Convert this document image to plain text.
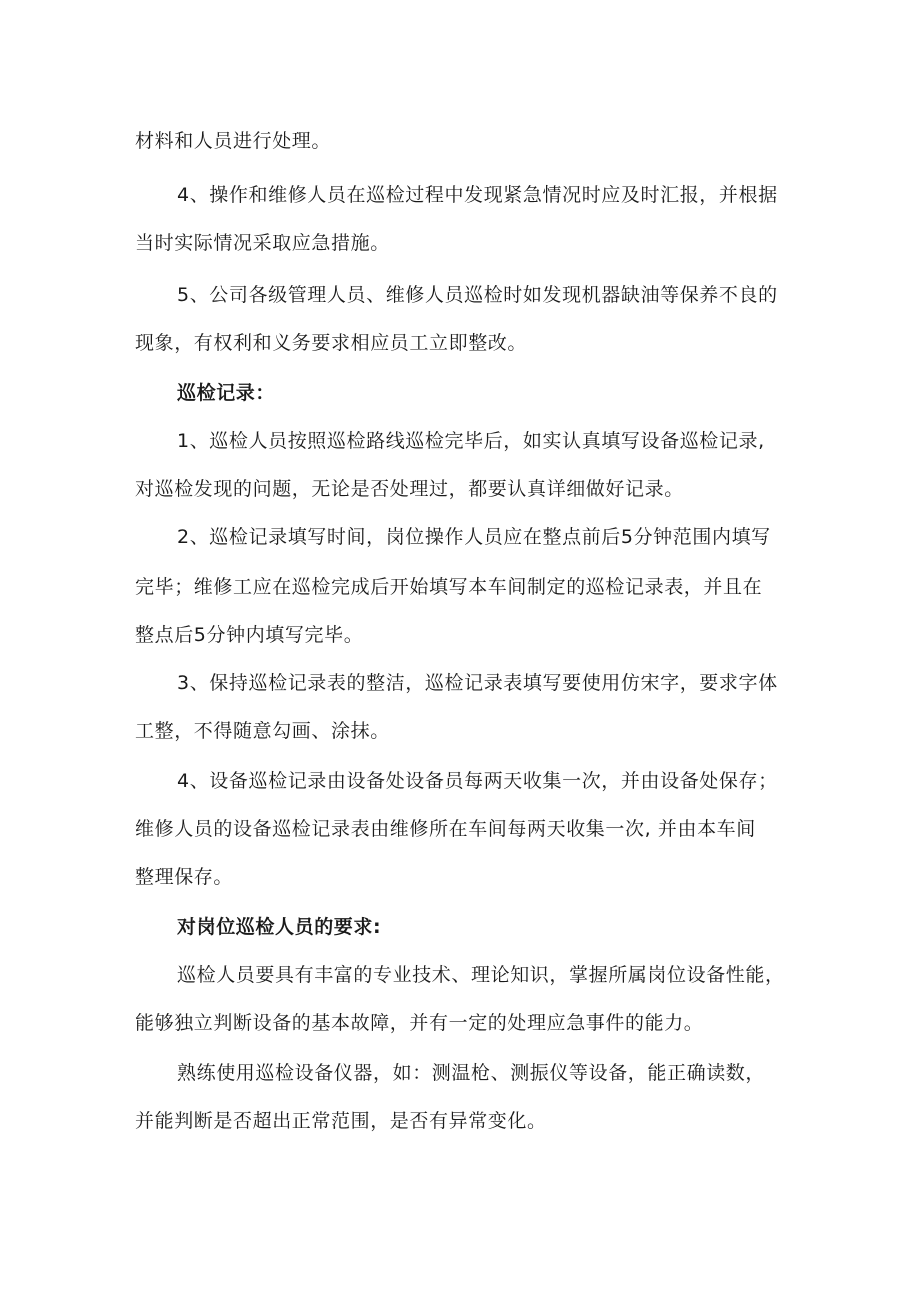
材料和人员进行处理。
4、操作和维修人员在巡检过程中发现紧急情况时应及时汇报，并根据
当时实际情况采取应急措施。
5、公司各级管理人员、维修人员巡检时如发现机器缺油等保养不良的
现象，有权利和义务要求相应员工立即整改。
巡检记录：
1、巡检人员按照巡检路线巡检完毕后，如实认真填写设备巡检记录,
对巡检发现的问题，无论是否处理过，都要认真详细做好记录。
2、巡检记录填写时间，岗位操作人员应在整点前后5分钟范围内填写
完毕；维修工应在巡检完成后开始填写本车间制定的巡检记录表，并且在
整点后5分钟内填写完毕。
3、保持巡检记录表的整洁，巡检记录表填写要使用仿宋字，要求字体
工整，不得随意勾画、涂抹。
4、设备巡检记录由设备处设备员每两天收集一次，并由设备处保存；
维修人员的设备巡检记录表由维修所在车间每两天收集一次, 并由本车间
整理保存。
对岗位巡检人员的要求:
巡检人员要具有丰富的专业技术、理论知识，掌握所属岗位设备性能，
能够独立判断设备的基本故障，并有一定的处理应急事件的能力。
熟练使用巡检设备仪器，如：测温枪、测振仪等设备，能正确读数，
并能判断是否超出正常范围，是否有异常变化。
